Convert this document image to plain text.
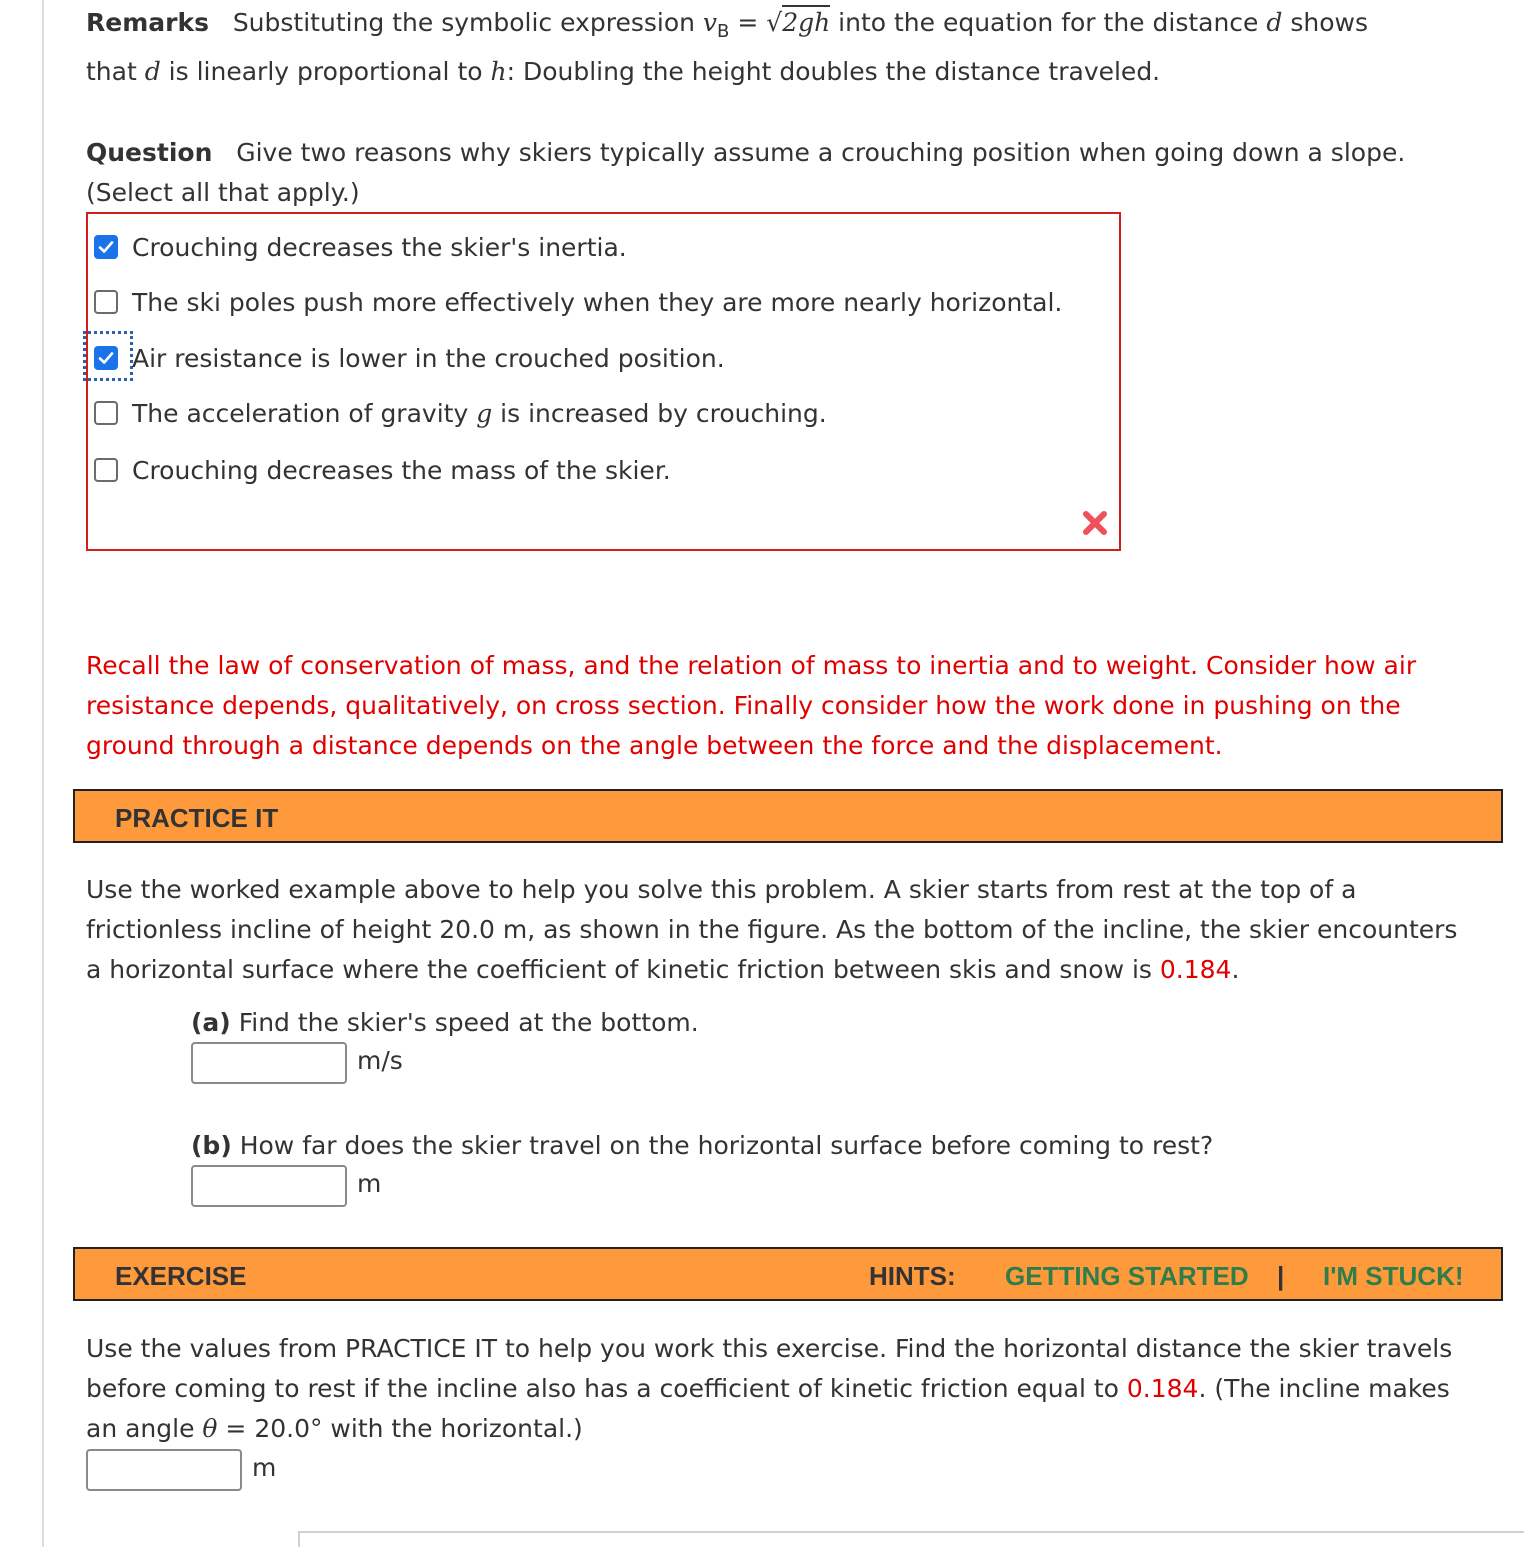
Remarks Substituting the symbolic expression $v_B = √2gh$ into the equation for the distance d shows
that d is linearly proportional to h: Doubling the height doubles the distance traveled.
Question Give two reasons why skiers typically assume a crouching position when going down a slope.
(Select all that apply.)
Crouching decreases the skier's inertia.
The ski poles push more effectively when they are more nearly horizontal.
Air resistance is lower in the crouched position.
The acceleration of gravity g is increased by crouching.
Crouching decreases the mass of the skier.
Recall the law of conservation of mass, and the relation of mass to inertia and to weight. Consider how air resistance depends, qualitatively, on cross section. Finally consider how the work done in pushing on the ground through a distance depends on the angle between the force and the displacement.
PRACTICE IT
Use the worked example above to help you solve this problem. A skier starts from rest at the top of a frictionless incline of height 20.0 m, as shown in the figure. As the bottom of the incline, the skier encounters a horizontal surface where the coefficient of kinetic friction between skis and snow is 0.184.
(a) Find the skier's speed at the bottom.
m/s
(b) How far does the skier travel on the horizontal surface before coming to rest?
m
EXERCISE	HINTS: GETTING STARTED | I'M STUCK!
Use the values from PRACTICE IT to help you work this exercise. Find the horizontal distance the skier travels before coming to rest if the incline also has a coefficient of kinetic friction equal to 0.184. (The incline makes an angle θ = 20.0° with the horizontal.)
m
